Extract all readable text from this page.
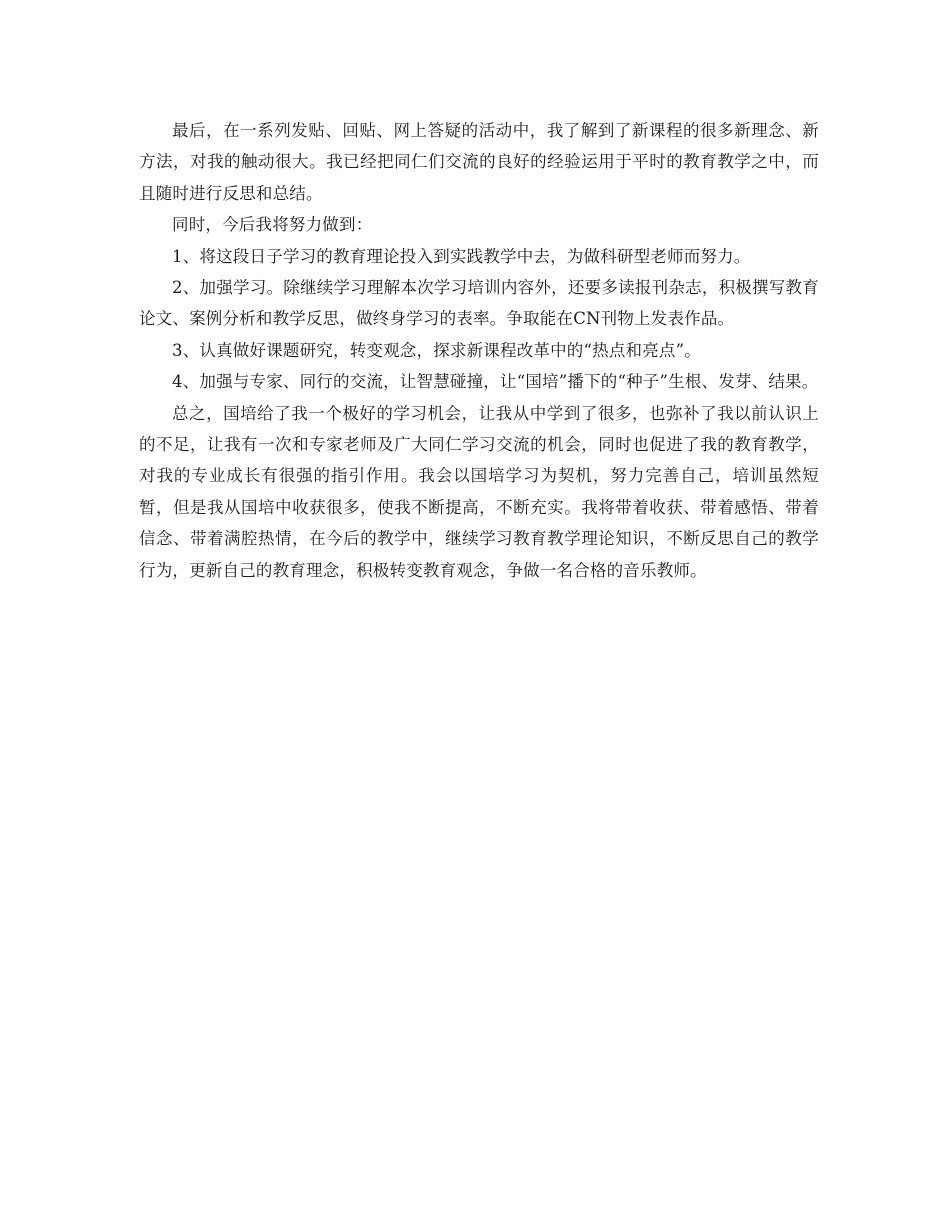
最后，在一系列发贴、回贴、网上答疑的活动中，我了解到了新课程的很多新理念、新方法，对我的触动很大。我已经把同仁们交流的良好的经验运用于平时的教育教学之中，而且随时进行反思和总结。

同时，今后我将努力做到：

1、将这段日子学习的教育理论投入到实践教学中去，为做科研型老师而努力。

2、加强学习。除继续学习理解本次学习培训内容外，还要多读报刊杂志，积极撰写教育论文、案例分析和教学反思，做终身学习的表率。争取能在CN刊物上发表作品。

3、认真做好课题研究，转变观念，探求新课程改革中的“热点和亮点”。

4、加强与专家、同行的交流，让智慧碰撞，让“国培”播下的“种子”生根、发芽、结果。

总之，国培给了我一个极好的学习机会，让我从中学到了很多，也弥补了我以前认识上的不足，让我有一次和专家老师及广大同仁学习交流的机会，同时也促进了我的教育教学，对我的专业成长有很强的指引作用。我会以国培学习为契机，努力完善自己，培训虽然短暂，但是我从国培中收获很多，使我不断提高，不断充实。我将带着收获、带着感悟、带着信念、带着满腔热情，在今后的教学中，继续学习教育教学理论知识，不断反思自己的教学行为，更新自己的教育理念，积极转变教育观念，争做一名合格的音乐教师。
